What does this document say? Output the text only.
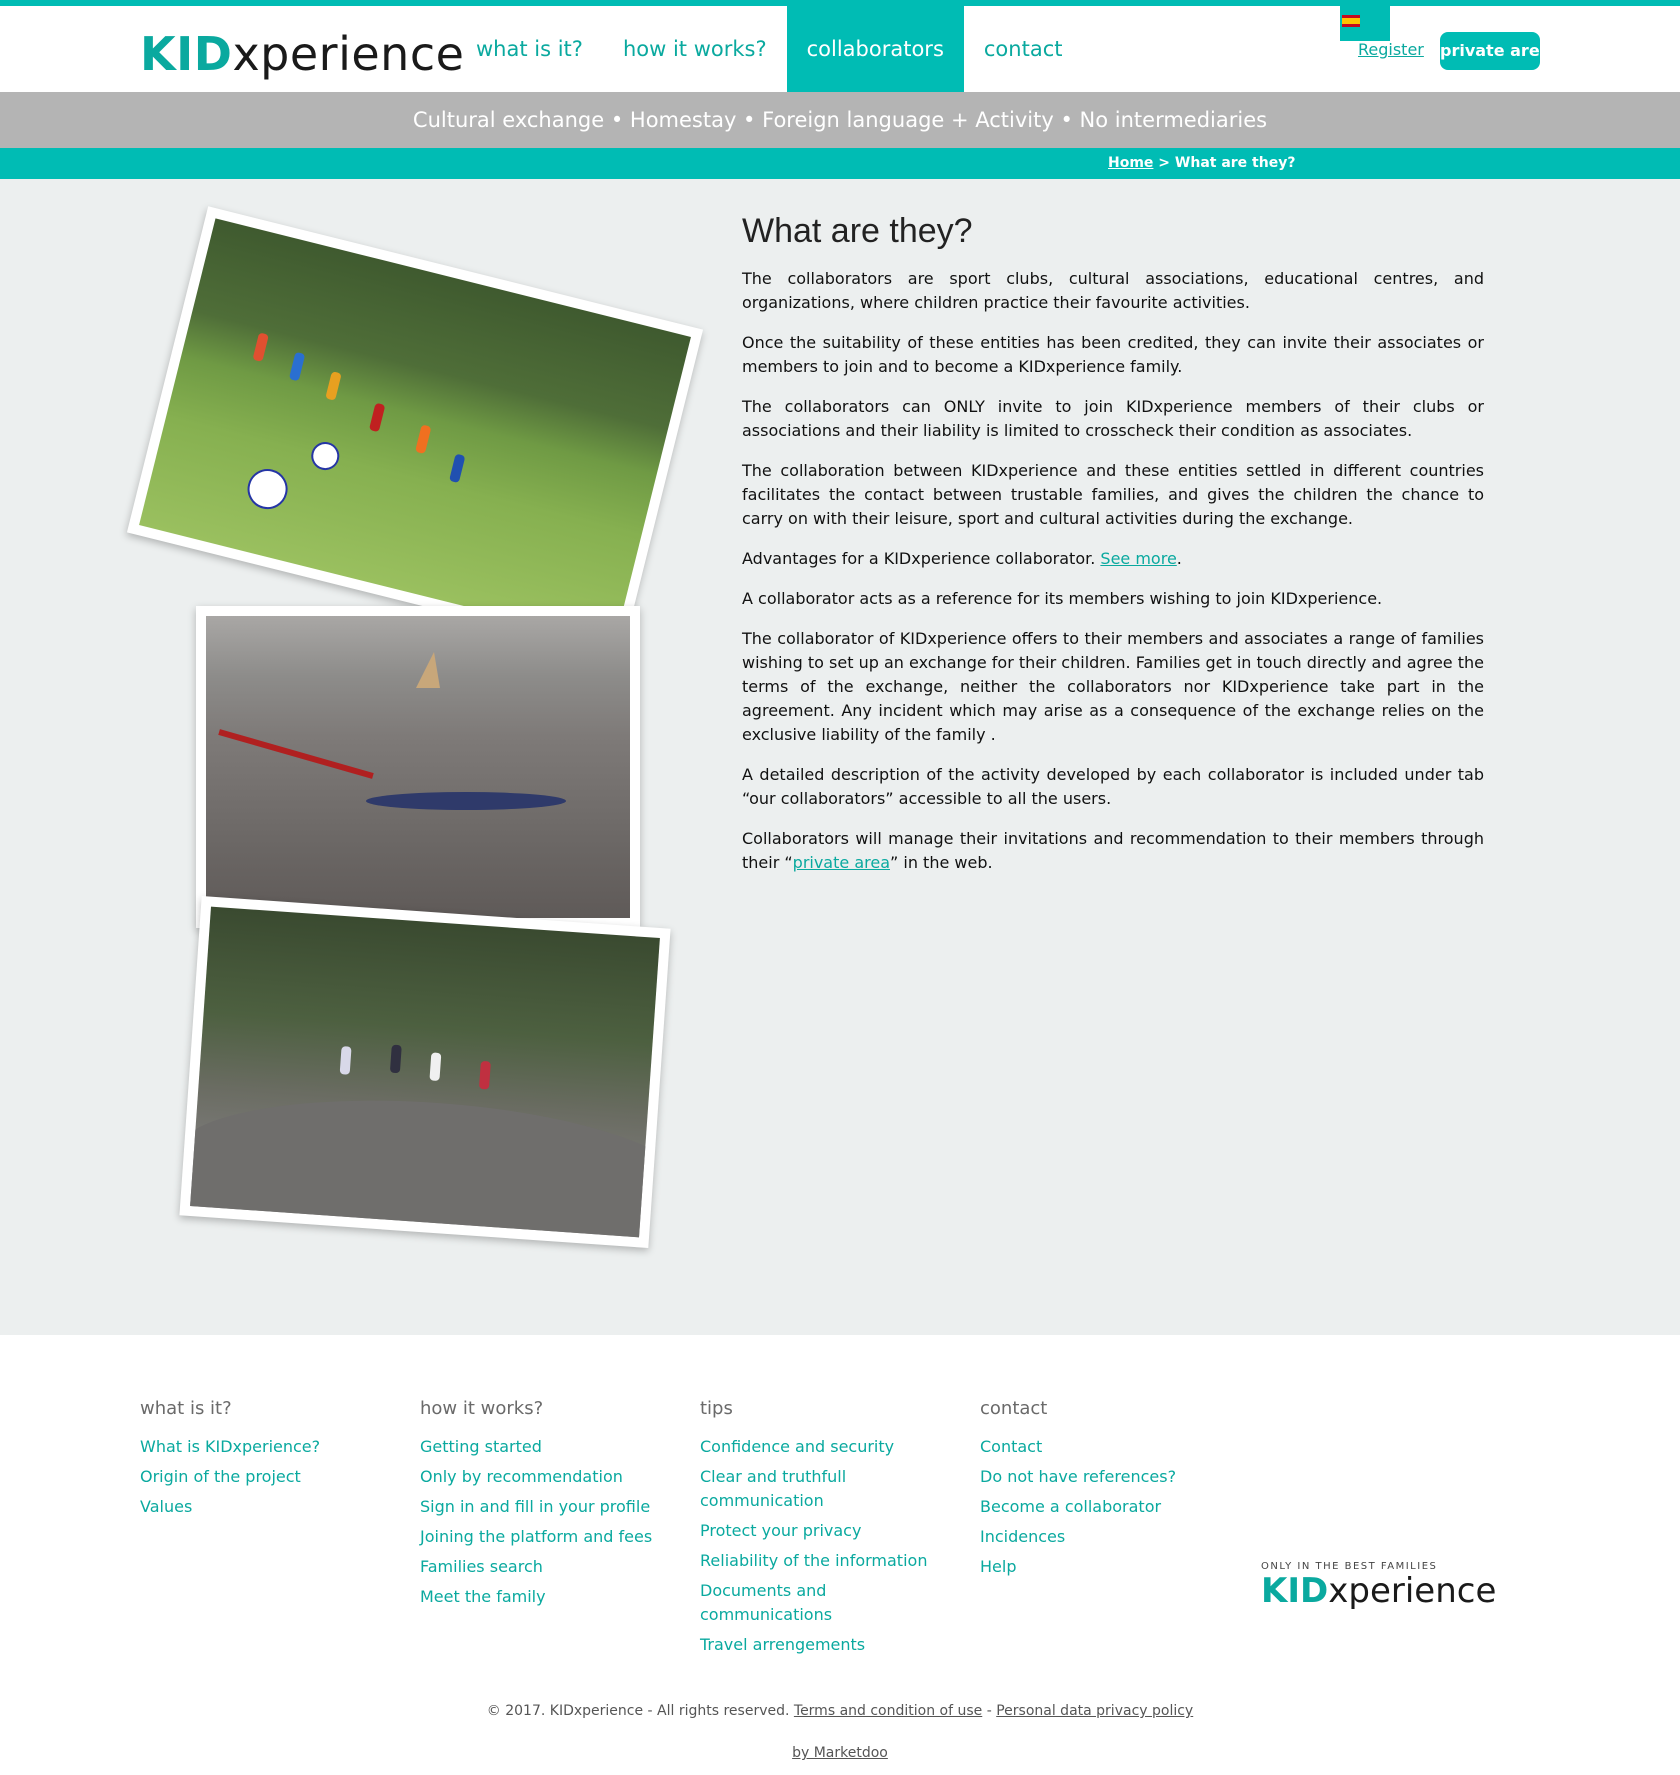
KIDxperience what is it?	how it works?	collaborators	contact	Register private area
Cultural exchange • Homestay • Foreign language + Activity • No intermediaries
Home > What are they?
What are they?

The collaborators are sport clubs, cultural associations, educational centres, and organizations, where children practice their favourite activities.

Once the suitability of these entities has been credited, they can invite their associates or members to join and to become a KIDxperience family.

The collaborators can ONLY invite to join KIDxperience members of their clubs or associations and their liability is limited to crosscheck their condition as associates.

The collaboration between KIDxperience and these entities settled in different countries facilitates the contact between trustable families, and gives the children the chance to carry on with their leisure, sport and cultural activities during the exchange.

Advantages for a KIDxperience collaborator. See more.

A collaborator acts as a reference for its members wishing to join KIDxperience.

The collaborator of KIDxperience offers to their members and associates a range of families wishing to set up an exchange for their children. Families get in touch directly and agree the terms of the exchange, neither the collaborators nor KIDxperience take part in the agreement. Any incident which may arise as a consequence of the exchange relies on the exclusive liability of the family .

A detailed description of the activity developed by each collaborator is included under tab “our collaborators” accessible to all the users.

Collaborators will manage their invitations and recommendation to their members through their “private area” in the web.

what is it?
What is KIDxperience?
Origin of the project
Values
how it works?
Getting started
Only by recommendation
Sign in and fill in your profile
Joining the platform and fees
Families search
Meet the family
tips
Confidence and security
Clear and truthfull communication
Protect your privacy
Reliability of the information
Documents and communications
Travel arrengements
contact
Contact
Do not have references?
Become a collaborator
Incidences
Help	ONLY IN THE BEST FAMILIES
KIDxperience
© 2017. KIDxperience - All rights reserved. Terms and condition of use - Personal data privacy policy
by Marketdoo
